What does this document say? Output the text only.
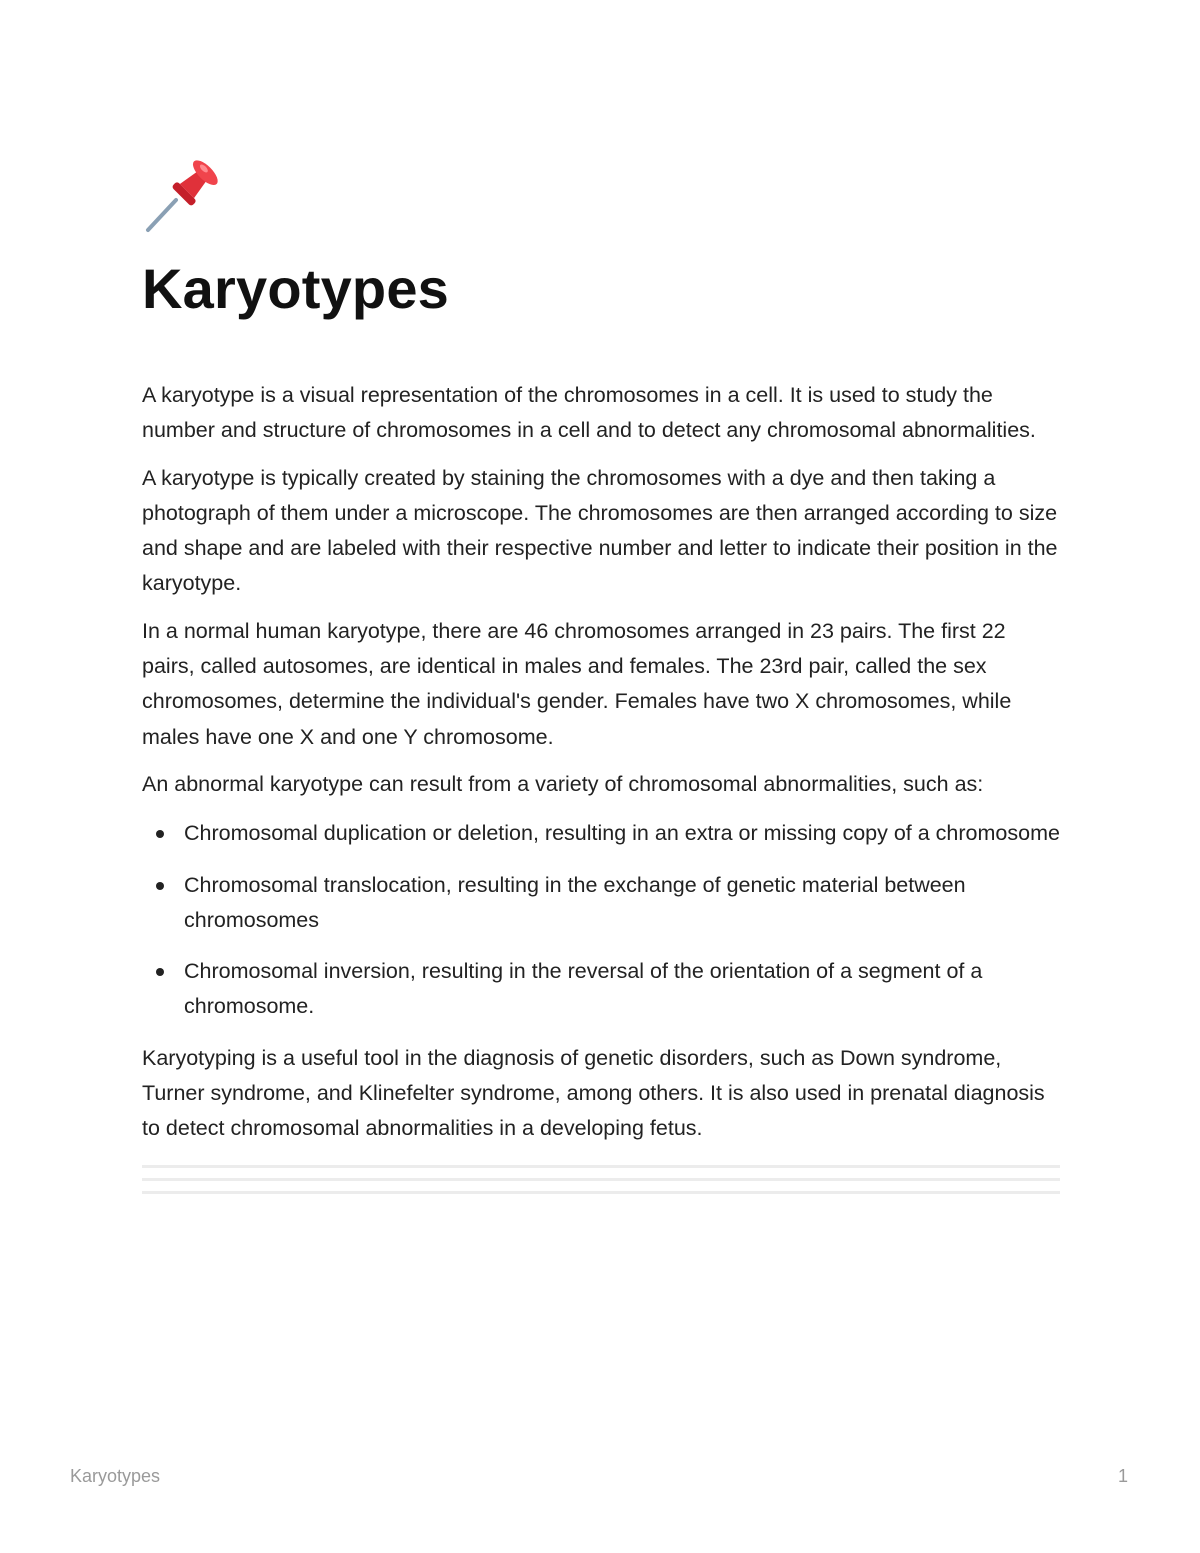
Karyotypes

A karyotype is a visual representation of the chromosomes in a cell. It is used to study the number and structure of chromosomes in a cell and to detect any chromosomal abnormalities.

A karyotype is typically created by staining the chromosomes with a dye and then taking a photograph of them under a microscope. The chromosomes are then arranged according to size and shape and are labeled with their respective number and letter to indicate their position in the karyotype.

In a normal human karyotype, there are 46 chromosomes arranged in 23 pairs. The first 22 pairs, called autosomes, are identical in males and females. The 23rd pair, called the sex chromosomes, determine the individual's gender. Females have two X chromosomes, while males have one X and one Y chromosome.

An abnormal karyotype can result from a variety of chromosomal abnormalities, such as:

Chromosomal duplication or deletion, resulting in an extra or missing copy of a chromosome
Chromosomal translocation, resulting in the exchange of genetic material between chromosomes
Chromosomal inversion, resulting in the reversal of the orientation of a segment of a chromosome.

Karyotyping is a useful tool in the diagnosis of genetic disorders, such as Down syndrome, Turner syndrome, and Klinefelter syndrome, among others. It is also used in prenatal diagnosis to detect chromosomal abnormalities in a developing fetus.

Karyotypes	1
